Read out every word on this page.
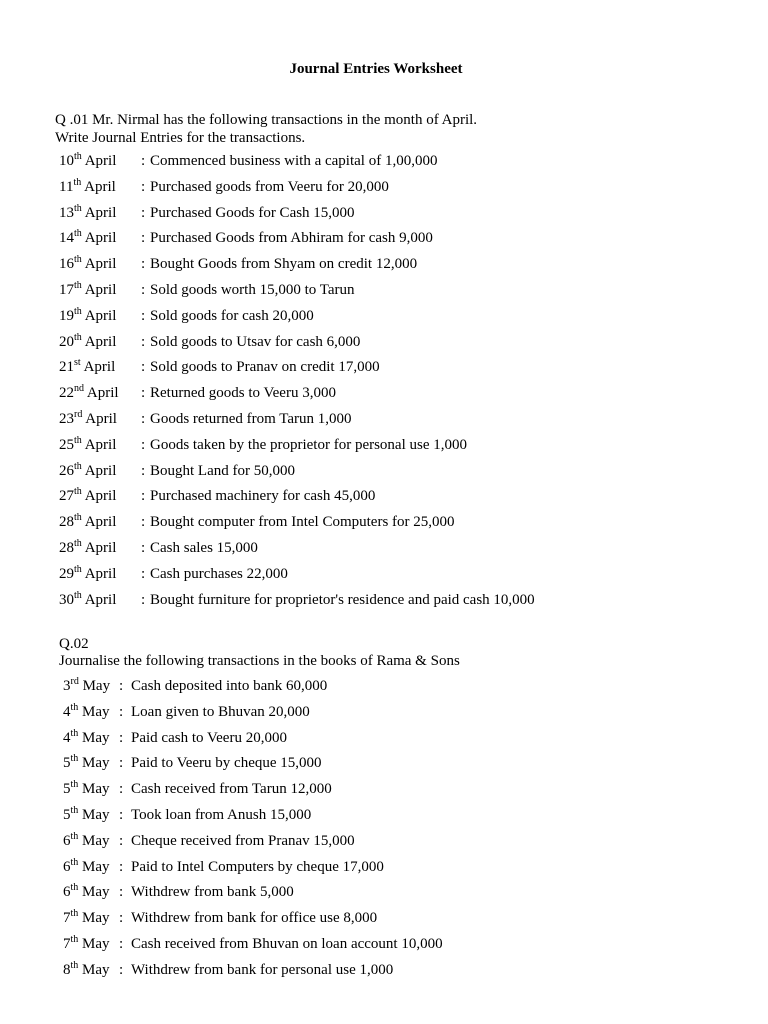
Journal Entries Worksheet
Q .01 Mr. Nirmal has the following transactions in the month of April.
Write Journal Entries for the transactions.
10th April : Commenced business with a capital of 1,00,000
11th April : Purchased goods from Veeru for 20,000
13th April : Purchased Goods for Cash 15,000
14th April : Purchased Goods from Abhiram for cash 9,000
16th April : Bought Goods from Shyam on credit 12,000
17th April : Sold goods worth 15,000 to Tarun
19th April : Sold goods for cash 20,000
20th April : Sold goods to Utsav for cash 6,000
21st April : Sold goods to Pranav on credit 17,000
22nd April : Returned goods to Veeru 3,000
23rd April : Goods returned from Tarun 1,000
25th April : Goods taken by the proprietor for personal use 1,000
26th April : Bought Land for 50,000
27th April : Purchased machinery for cash 45,000
28th April : Bought computer from Intel Computers for 25,000
28th April : Cash sales 15,000
29th April : Cash purchases 22,000
30th April : Bought furniture for proprietor's residence and paid cash 10,000
Q.02
Journalise the following transactions in the books of Rama & Sons
3rd May : Cash deposited into bank 60,000
4th May : Loan given to Bhuvan 20,000
4th May : Paid cash to Veeru 20,000
5th May : Paid to Veeru by cheque 15,000
5th May : Cash received from Tarun 12,000
5th May : Took loan from Anush 15,000
6th May : Cheque received from Pranav 15,000
6th May : Paid to Intel Computers by cheque 17,000
6th May : Withdrew from bank 5,000
7th May : Withdrew from bank for office use 8,000
7th May : Cash received from Bhuvan on loan account 10,000
8th May : Withdrew from bank for personal use 1,000
